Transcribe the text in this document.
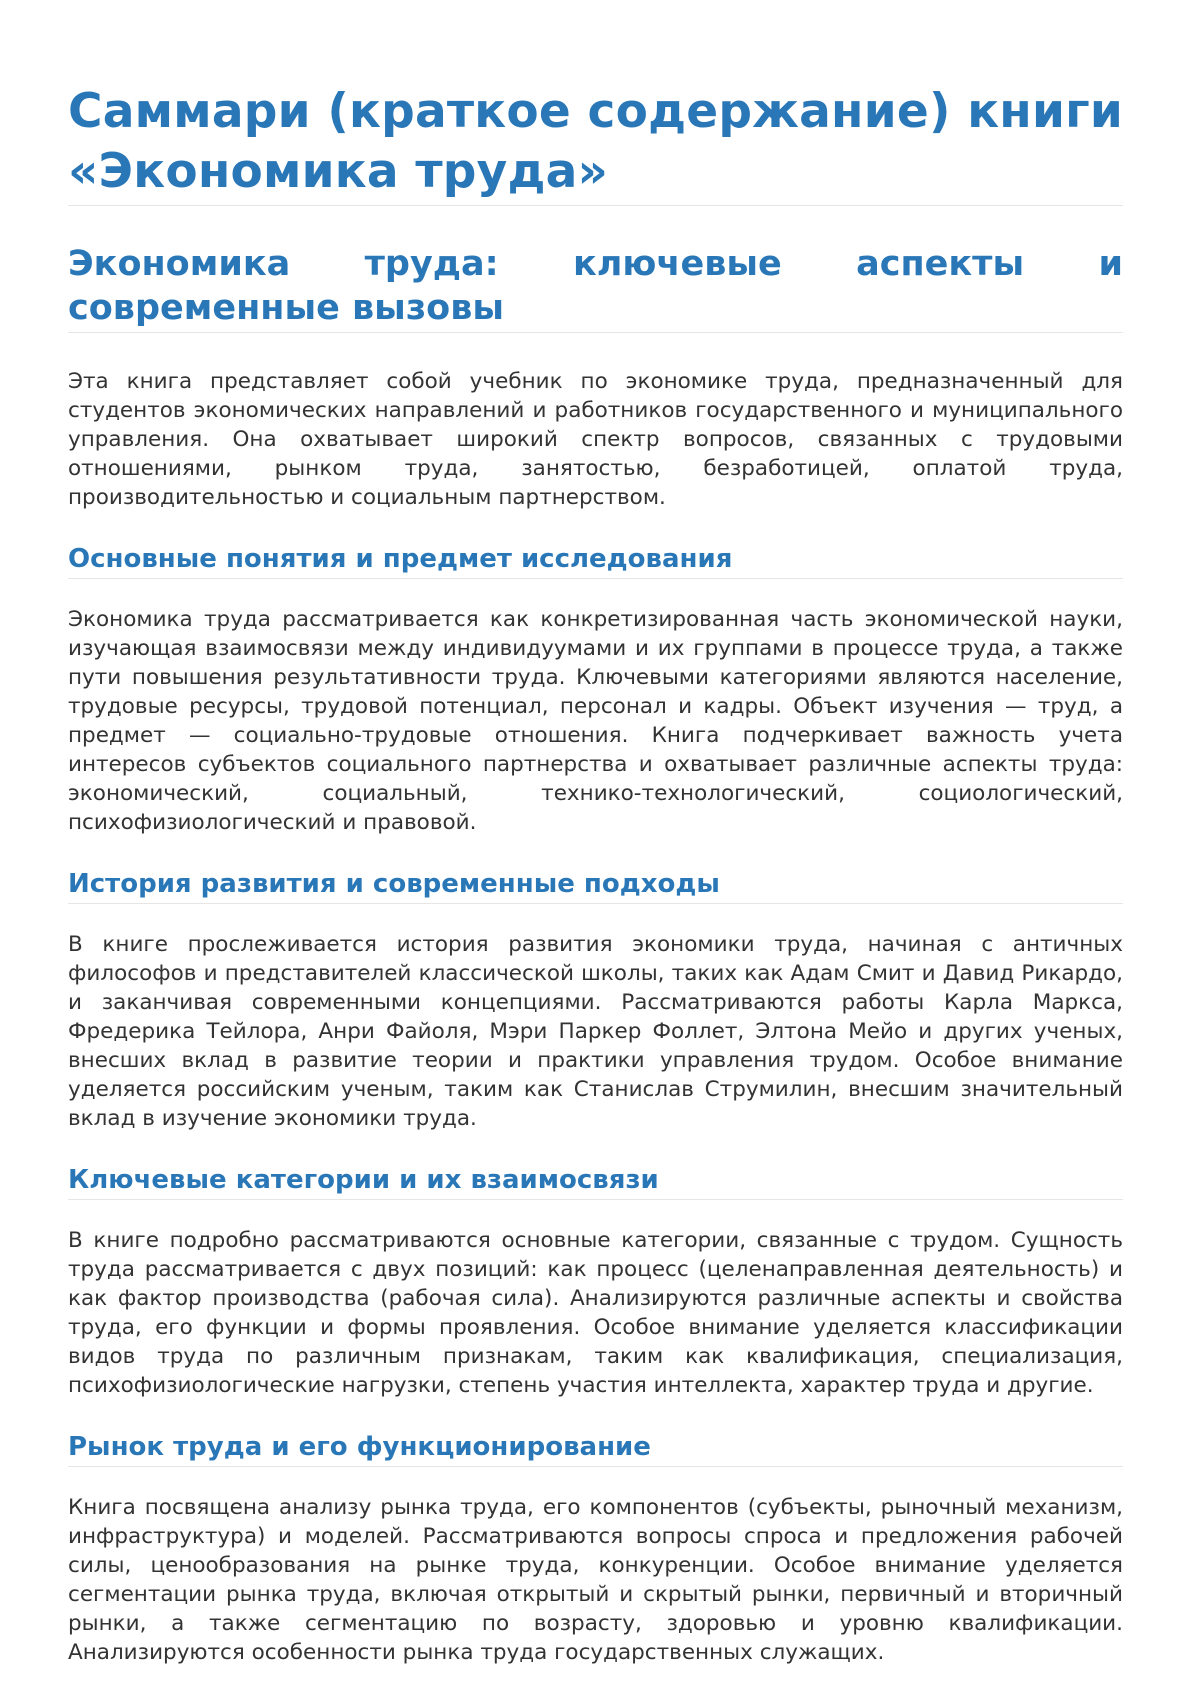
Саммари (краткое содержание) книги «Экономика труда»
Экономика труда: ключевые аспекты и современные вызовы

Эта книга представляет собой учебник по экономике труда, предназначенный для студентов экономических направлений и работников государственного и муниципального управления. Она охватывает широкий спектр вопросов, связанных с трудовыми отношениями, рынком труда, занятостью, безработицей, оплатой труда, производительностью и социальным партнерством.

Основные понятия и предмет исследования

Экономика труда рассматривается как конкретизированная часть экономической науки, изучающая взаимосвязи между индивидуумами и их группами в процессе труда, а также пути повышения результативности труда. Ключевыми категориями являются население, трудовые ресурсы, трудовой потенциал, персонал и кадры. Объект изучения — труд, а предмет — социально-трудовые отношения. Книга подчеркивает важность учета интересов субъектов социального партнерства и охватывает различные аспекты труда: экономический, социальный, технико-технологический, социологический, психофизиологический и правовой.

История развития и современные подходы

В книге прослеживается история развития экономики труда, начиная с античных философов и представителей классической школы, таких как Адам Смит и Давид Рикардо, и заканчивая современными концепциями. Рассматриваются работы Карла Маркса, Фредерика Тейлора, Анри Файоля, Мэри Паркер Фоллет, Элтона Мейо и других ученых, внесших вклад в развитие теории и практики управления трудом. Особое внимание уделяется российским ученым, таким как Станислав Струмилин, внесшим значительный вклад в изучение экономики труда.

Ключевые категории и их взаимосвязи

В книге подробно рассматриваются основные категории, связанные с трудом. Сущность труда рассматривается с двух позиций: как процесс (целенаправленная деятельность) и как фактор производства (рабочая сила). Анализируются различные аспекты и свойства труда, его функции и формы проявления. Особое внимание уделяется классификации видов труда по различным признакам, таким как квалификация, специализация, психофизиологические нагрузки, степень участия интеллекта, характер труда и другие.

Рынок труда и его функционирование

Книга посвящена анализу рынка труда, его компонентов (субъекты, рыночный механизм, инфраструктура) и моделей. Рассматриваются вопросы спроса и предложения рабочей силы, ценообразования на рынке труда, конкуренции. Особое внимание уделяется сегментации рынка труда, включая открытый и скрытый рынки, первичный и вторичный рынки, а также сегментацию по возрасту, здоровью и уровню квалификации. Анализируются особенности рынка труда государственных служащих.
